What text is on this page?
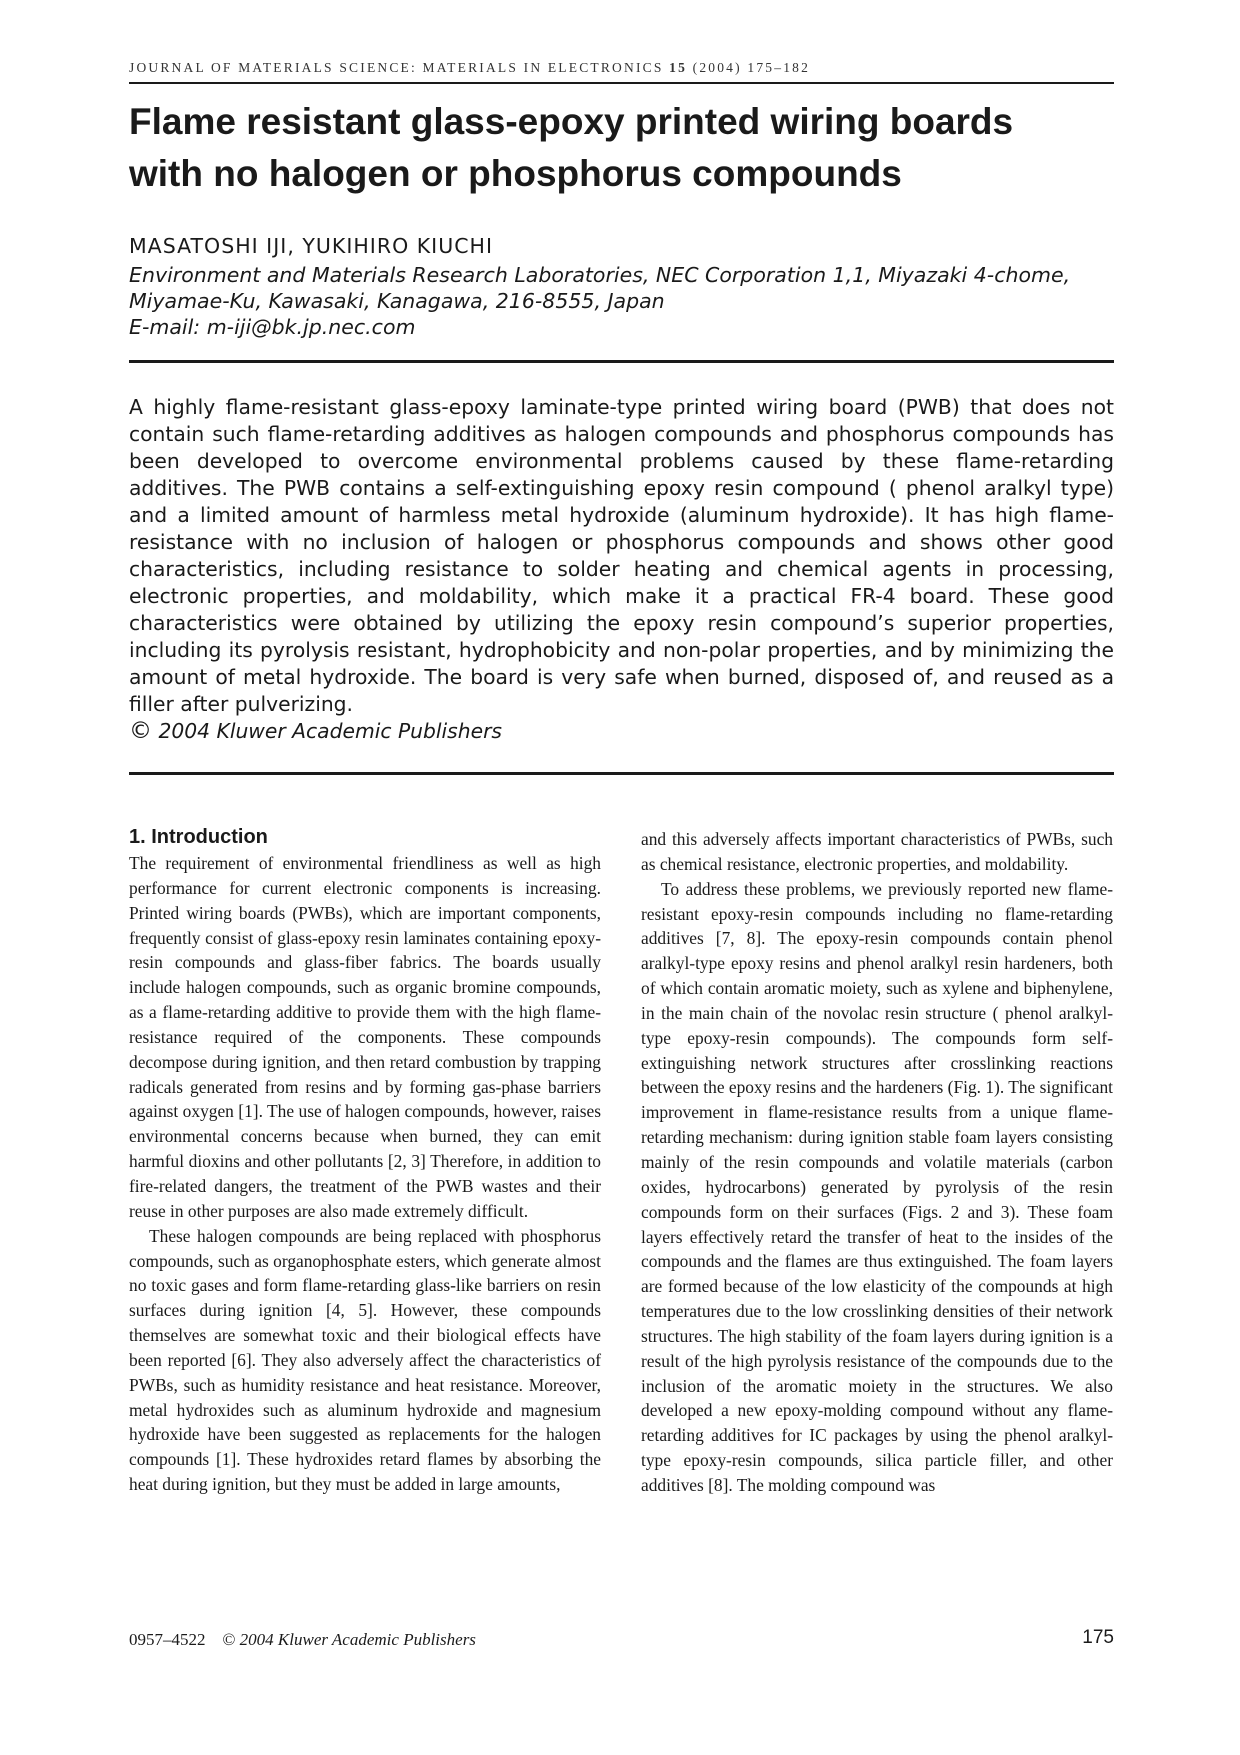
JOURNAL OF MATERIALS SCIENCE: MATERIALS IN ELECTRONICS 15 (2004) 175–182
Flame resistant glass-epoxy printed wiring boards
with no halogen or phosphorus compounds
MASATOSHI IJI, YUKIHIRO KIUCHI
Environment and Materials Research Laboratories, NEC Corporation 1,1, Miyazaki 4-chome,
Miyamae-Ku, Kawasaki, Kanagawa, 216-8555, Japan
E-mail: m-iji@bk.jp.nec.com
A highly flame-resistant glass-epoxy laminate-type printed wiring board (PWB) that does not contain such flame-retarding additives as halogen compounds and phosphorus compounds has been developed to overcome environmental problems caused by these flame-retarding additives. The PWB contains a self-extinguishing epoxy resin compound ( phenol aralkyl type) and a limited amount of harmless metal hydroxide (aluminum hydroxide). It has high flame-resistance with no inclusion of halogen or phosphorus compounds and shows other good characteristics, including resistance to solder heating and chemical agents in processing, electronic properties, and moldability, which make it a practical FR-4 board. These good characteristics were obtained by utilizing the epoxy resin compound’s superior properties, including its pyrolysis resistant, hydrophobicity and non-polar properties, and by minimizing the amount of metal hydroxide. The board is very safe when burned, disposed of, and reused as a filler after pulverizing.
© 2004 Kluwer Academic Publishers
1. Introduction

The requirement of environmental friendliness as well as high performance for current electronic components is increasing. Printed wiring boards (PWBs), which are important components, frequently consist of glass-epoxy resin laminates containing epoxy-resin compounds and glass-fiber fabrics. The boards usually include halogen compounds, such as organic bromine compounds, as a flame-retarding additive to provide them with the high flame-resistance required of the components. These compounds decompose during ignition, and then retard combustion by trapping radicals generated from resins and by forming gas-phase barriers against oxygen [1]. The use of halogen compounds, however, raises environmental concerns because when burned, they can emit harmful dioxins and other pollutants [2, 3] Therefore, in addition to fire-related dangers, the treatment of the PWB wastes and their reuse in other purposes are also made extremely difficult.

These halogen compounds are being replaced with phosphorus compounds, such as organophosphate esters, which generate almost no toxic gases and form flame-retarding glass-like barriers on resin surfaces during ignition [4, 5]. However, these compounds themselves are somewhat toxic and their biological effects have been reported [6]. They also adversely affect the characteristics of PWBs, such as humidity resistance and heat resistance. Moreover, metal hydroxides such as aluminum hydroxide and magnesium hydroxide have been suggested as replacements for the halogen compounds [1]. These hydroxides retard flames by absorbing the heat during ignition, but they must be added in large amounts,

and this adversely affects important characteristics of PWBs, such as chemical resistance, electronic properties, and moldability.

To address these problems, we previously reported new flame-resistant epoxy-resin compounds including no flame-retarding additives [7, 8]. The epoxy-resin compounds contain phenol aralkyl-type epoxy resins and phenol aralkyl resin hardeners, both of which contain aromatic moiety, such as xylene and biphenylene, in the main chain of the novolac resin structure ( phenol aralkyl-type epoxy-resin compounds). The compounds form self-extinguishing network structures after crosslinking reactions between the epoxy resins and the hardeners (Fig. 1). The significant improvement in flame-resistance results from a unique flame-retarding mechanism: during ignition stable foam layers consisting mainly of the resin compounds and volatile materials (carbon oxides, hydrocarbons) generated by pyrolysis of the resin compounds form on their surfaces (Figs. 2 and 3). These foam layers effectively retard the transfer of heat to the insides of the compounds and the flames are thus extinguished. The foam layers are formed because of the low elasticity of the compounds at high temperatures due to the low crosslinking densities of their network structures. The high stability of the foam layers during ignition is a result of the high pyrolysis resistance of the compounds due to the inclusion of the aromatic moiety in the structures. We also developed a new epoxy-molding compound without any flame-retarding additives for IC packages by using the phenol aralkyl-type epoxy-resin compounds, silica particle filler, and other additives [8]. The molding compound was

0957–4522 © 2004 Kluwer Academic Publishers	175
